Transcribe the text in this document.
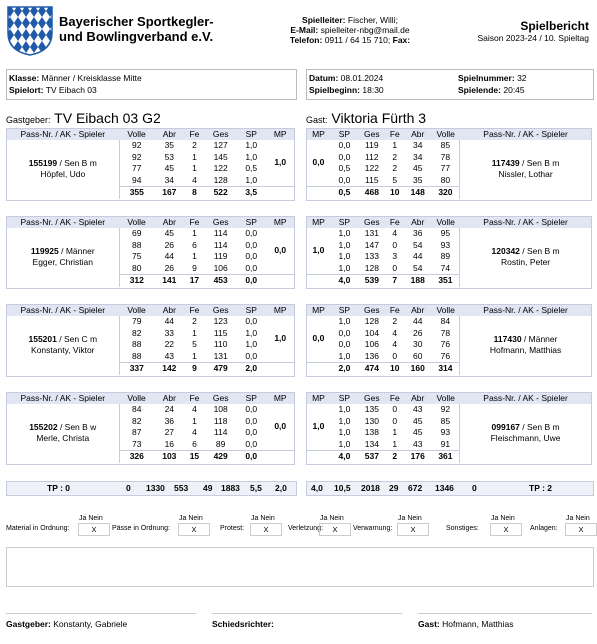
Bayerischer Sportkegler-
und Bowlingverband e.V.
Spielleiter: Fischer, Willi;
E-Mail: spielleiter-nbg@mail.de
Telefon: 0911 / 64 15 710; Fax:
Spielbericht
Saison 2023-24 / 10. Spieltag
Klasse: Männer / Kreisklasse Mitte
Spielort: TV Eibach 03
Datum: 08.01.2024
Spielbeginn: 18:30
Spielnummer: 32
Spielende: 20:45
Gastgeber: TV Eibach 03 G2	Gast: Viktoria Fürth 3
Pass-Nr. / AK - Spieler	Volle	Abr	Fe	Ges	SP	MP

155199 / Sen B m
Höpfel, Udo	92	35	2	127	1,0	1,0
	92	53	1	145	1,0	
	77	45	1	122	0,5	
	94	34	4	128	1,0	
	355	167	8	522	3,5	
MP	SP	Ges	Fe	Abr	Volle	Pass-Nr. / AK - Spieler
0,0	0,0	119	1	34	85	117439 / Sen B m
Nissler, Lothar

	0,0	112	2	34	78	
	0,5	122	2	45	77	
	0,0	115	5	35	80	
	0,5	468	10	148	320	
Pass-Nr. / AK - Spieler	Volle	Abr	Fe	Ges	SP	MP

119925 / Männer
Egger, Christian	69	45	1	114	0,0	0,0
	88	26	6	114	0,0	
	75	44	1	119	0,0	
	80	26	9	106	0,0	
	312	141	17	453	0,0	
MP	SP	Ges	Fe	Abr	Volle	Pass-Nr. / AK - Spieler
1,0	1,0	131	4	36	95	120342 / Sen B m
Rostin, Peter

	1,0	147	0	54	93	
	1,0	133	3	44	89	
	1,0	128	0	54	74	
	4,0	539	7	188	351	
Pass-Nr. / AK - Spieler	Volle	Abr	Fe	Ges	SP	MP

155201 / Sen C m
Konstanty, Viktor	79	44	2	123	0,0	1,0
	82	33	1	115	1,0	
	88	22	5	110	1,0	
	88	43	1	131	0,0	
	337	142	9	479	2,0	
MP	SP	Ges	Fe	Abr	Volle	Pass-Nr. / AK - Spieler
0,0	1,0	128	2	44	84	117430 / Männer
Hofmann, Matthias

	0,0	104	4	26	78	
	0,0	106	4	30	76	
	1,0	136	0	60	76	
	2,0	474	10	160	314	
Pass-Nr. / AK - Spieler	Volle	Abr	Fe	Ges	SP	MP

155202 / Sen B w
Merle, Christa	84	24	4	108	0,0	0,0
	82	36	1	118	0,0	
	87	27	4	114	0,0	
	73	16	6	89	0,0	
	326	103	15	429	0,0	
MP	SP	Ges	Fe	Abr	Volle	Pass-Nr. / AK - Spieler
1,0	1,0	135	0	43	92	099167 / Sen B m
Fleischmann, Uwe

	1,0	130	0	45	85	
	1,0	138	1	45	93	
	1,0	134	1	43	91	
	4,0	537	2	176	361	
TP : 0	0 1330 553 49 1883 5,5 2,0	4,0 10,5 2018 29 672 1346 0	TP : 2
Ja Nein
Material in Ordnung:	X
Ja Nein
Pässe in Ordnung:	X
Ja Nein
Protest:	X
Ja Nein
Verletzung:	X
Ja Nein
Verwarnung:	X
Ja Nein
Sonstiges:	X
Ja Nein
Anlagen:	X
Gastgeber: Konstanty, Gabriele	Schiedsrichter:	Gast: Hofmann, Matthias
